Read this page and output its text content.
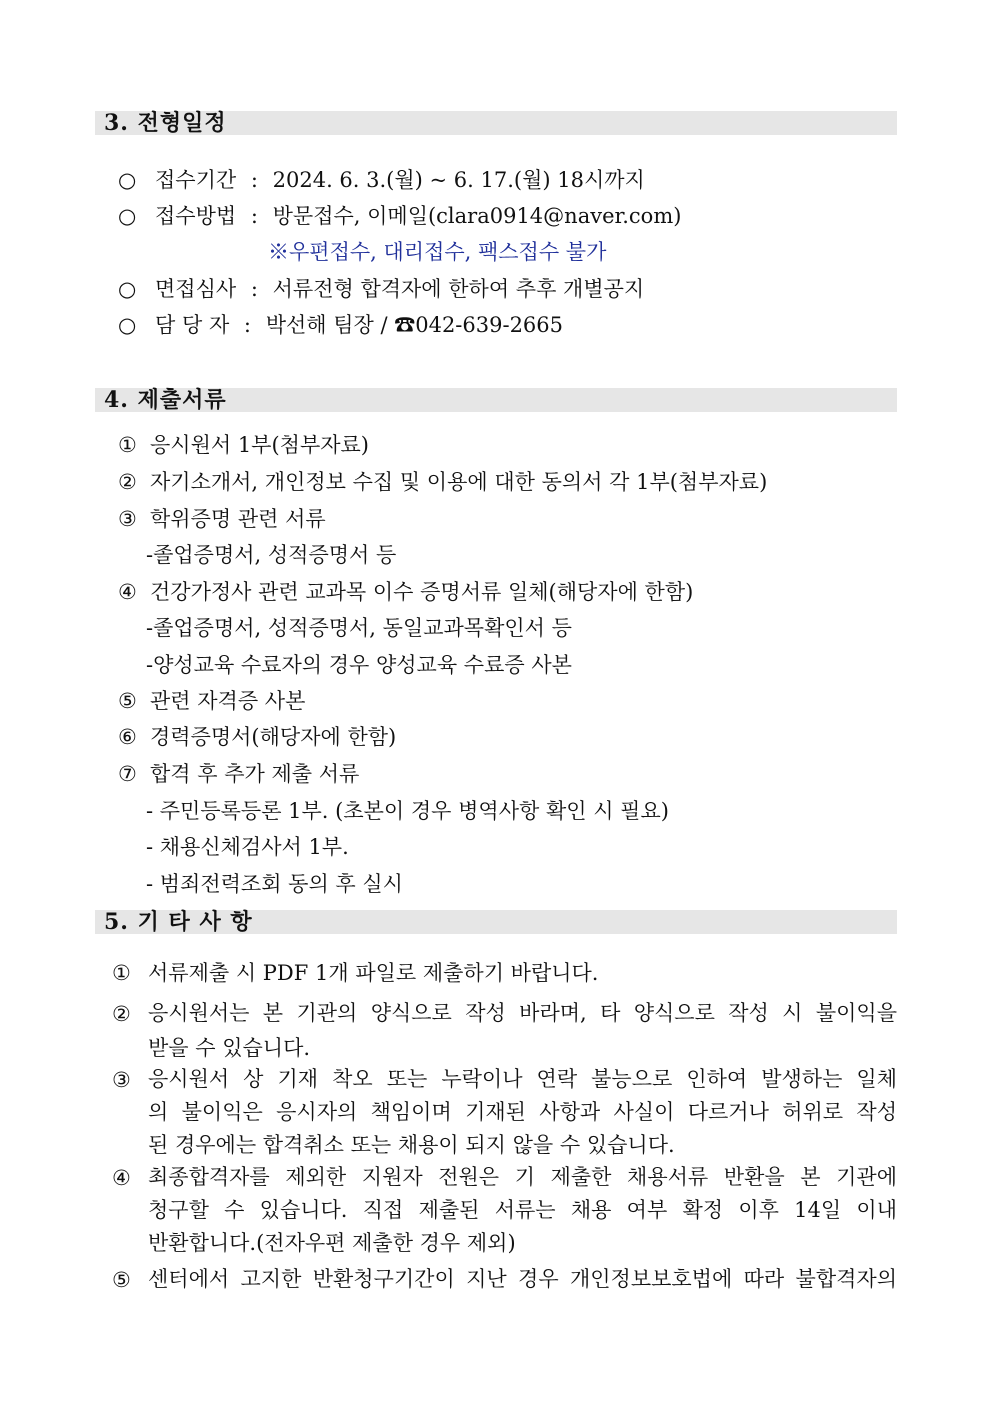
3. 전형일정
○ 접수기간 : 2024. 6. 3.(월) ~ 6. 17.(월) 18시까지
○ 접수방법 : 방문접수, 이메일(clara0914@naver.com)
※우편접수, 대리접수, 팩스접수 불가
○ 면접심사 : 서류전형 합격자에 한하여 추후 개별공지
○ 담 당 자 : 박선해 팀장 / ☎042-639-2665
4. 제출서류
① 응시원서 1부(첨부자료)
② 자기소개서, 개인정보 수집 및 이용에 대한 동의서 각 1부(첨부자료)
③ 학위증명 관련 서류
-졸업증명서, 성적증명서 등
④ 건강가정사 관련 교과목 이수 증명서류 일체(해당자에 한함)
-졸업증명서, 성적증명서, 동일교과목확인서 등
-양성교육 수료자의 경우 양성교육 수료증 사본
⑤ 관련 자격증 사본
⑥ 경력증명서(해당자에 한함)
⑦ 합격 후 추가 제출 서류
- 주민등록등론 1부. (초본이 경우 병역사항 확인 시 필요)
- 채용신체검사서 1부.
- 범죄전력조회 동의 후 실시
5. 기 타 사 항
① 서류제출 시 PDF 1개 파일로 제출하기 바랍니다.
② 응시원서는 본 기관의 양식으로 작성 바라며, 타 양식으로 작성 시 불이익을
받을 수 있습니다.
③ 응시원서 상 기재 착오 또는 누락이나 연락 불능으로 인하여 발생하는 일체
의 불이익은 응시자의 책임이며 기재된 사항과 사실이 다르거나 허위로 작성
된 경우에는 합격취소 또는 채용이 되지 않을 수 있습니다.
④ 최종합격자를 제외한 지원자 전원은 기 제출한 채용서류 반환을 본 기관에
청구할 수 있습니다. 직접 제출된 서류는 채용 여부 확정 이후 14일 이내
반환합니다.(전자우편 제출한 경우 제외)
⑤ 센터에서 고지한 반환청구기간이 지난 경우 개인정보보호법에 따라 불합격자의
